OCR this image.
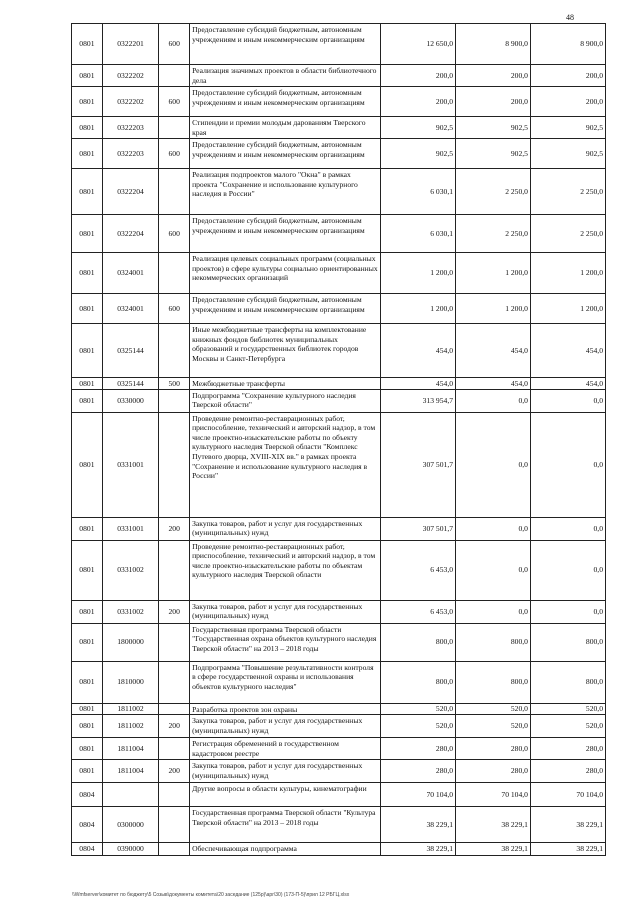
48
0801	0322201	600	Предоставление субсидий бюджетным, автономным учреждениям и иным некоммерческим организациям	12 650,0	8 900,0	8 900,0
0801	0322202		Реализация значимых проектов в области библиотечного дела	200,0	200,0	200,0
0801	0322202	600	Предоставление субсидий бюджетным, автономным учреждениям и иным некоммерческим организациям	200,0	200,0	200,0
0801	0322203		Стипендии и премии молодым дарованиям Тверского края	902,5	902,5	902,5
0801	0322203	600	Предоставление субсидий бюджетным, автономным учреждениям и иным некоммерческим организациям	902,5	902,5	902,5
0801	0322204		Реализация подпроектов малого "Окна" в рамках проекта "Сохранение и использование культурного наследия в России"	6 030,1	2 250,0	2 250,0
0801	0322204	600	Предоставление субсидий бюджетным, автономным учреждениям и иным некоммерческим организациям	6 030,1	2 250,0	2 250,0
0801	0324001		Реализация целевых социальных программ (социальных проектов) в сфере культуры социально ориентированных некоммерческих организаций	1 200,0	1 200,0	1 200,0
0801	0324001	600	Предоставление субсидий бюджетным, автономным учреждениям и иным некоммерческим организациям	1 200,0	1 200,0	1 200,0
0801	0325144		Иные межбюджетные трансферты на комплектование книжных фондов библиотек муниципальных образований и государственных библиотек городов Москвы и Санкт-Петербурга	454,0	454,0	454,0
0801	0325144	500	Межбюджетные трансферты	454,0	454,0	454,0
0801	0330000		Подпрограмма "Сохранение культурного наследия Тверской области"	313 954,7	0,0	0,0
0801	0331001		Проведение ремонтно-реставрационных работ, приспособление, технический и авторский надзор, в том числе проектно-изыскательские работы по объекту культурного наследия Тверской области "Комплекс Путевого дворца, XVIII-XIX вв." в рамках проекта "Сохранение и использование культурного наследия в России"	307 501,7	0,0	0,0
0801	0331001	200	Закупка товаров, работ и услуг для государственных (муниципальных) нужд	307 501,7	0,0	0,0
0801	0331002		Проведение ремонтно-реставрационных работ, приспособление, технический и авторский надзор, в том числе проектно-изыскательские работы по объектам культурного наследия Тверской области	6 453,0	0,0	0,0
0801	0331002	200	Закупка товаров, работ и услуг для государственных (муниципальных) нужд	6 453,0	0,0	0,0
0801	1800000		Государственная программа Тверской области "Государственная охрана объектов культурного наследия Тверской области" на 2013 – 2018 годы	800,0	800,0	800,0
0801	1810000		Подпрограмма "Повышение результативности контроля в сфере государственной охраны и использования объектов культурного наследия"	800,0	800,0	800,0
0801	1811002		Разработка проектов зон охраны	520,0	520,0	520,0
0801	1811002	200	Закупка товаров, работ и услуг для государственных (муниципальных) нужд	520,0	520,0	520,0
0801	1811004		Регистрация обременений в государственном кадастровом реестре	280,0	280,0	280,0
0801	1811004	200	Закупка товаров, работ и услуг для государственных (муниципальных) нужд	280,0	280,0	280,0
0804			Другие вопросы в области культуры, кинематографии	70 104,0	70 104,0	70 104,0
0804	0300000		Государственная программа Тверской области "Культура Тверской области" на 2013 – 2018 годы	38 229,1	38 229,1	38 229,1
0804	0390000		Обеспечивающая подпрограмма	38 229,1	38 229,1	38 229,1
\\Wmfserver\комитет по бюджету\5 Созыв\документы комитета\20 заседание (125p)\apr\30) (173-П-5)\прил 12 РБГЦ.xlsx
